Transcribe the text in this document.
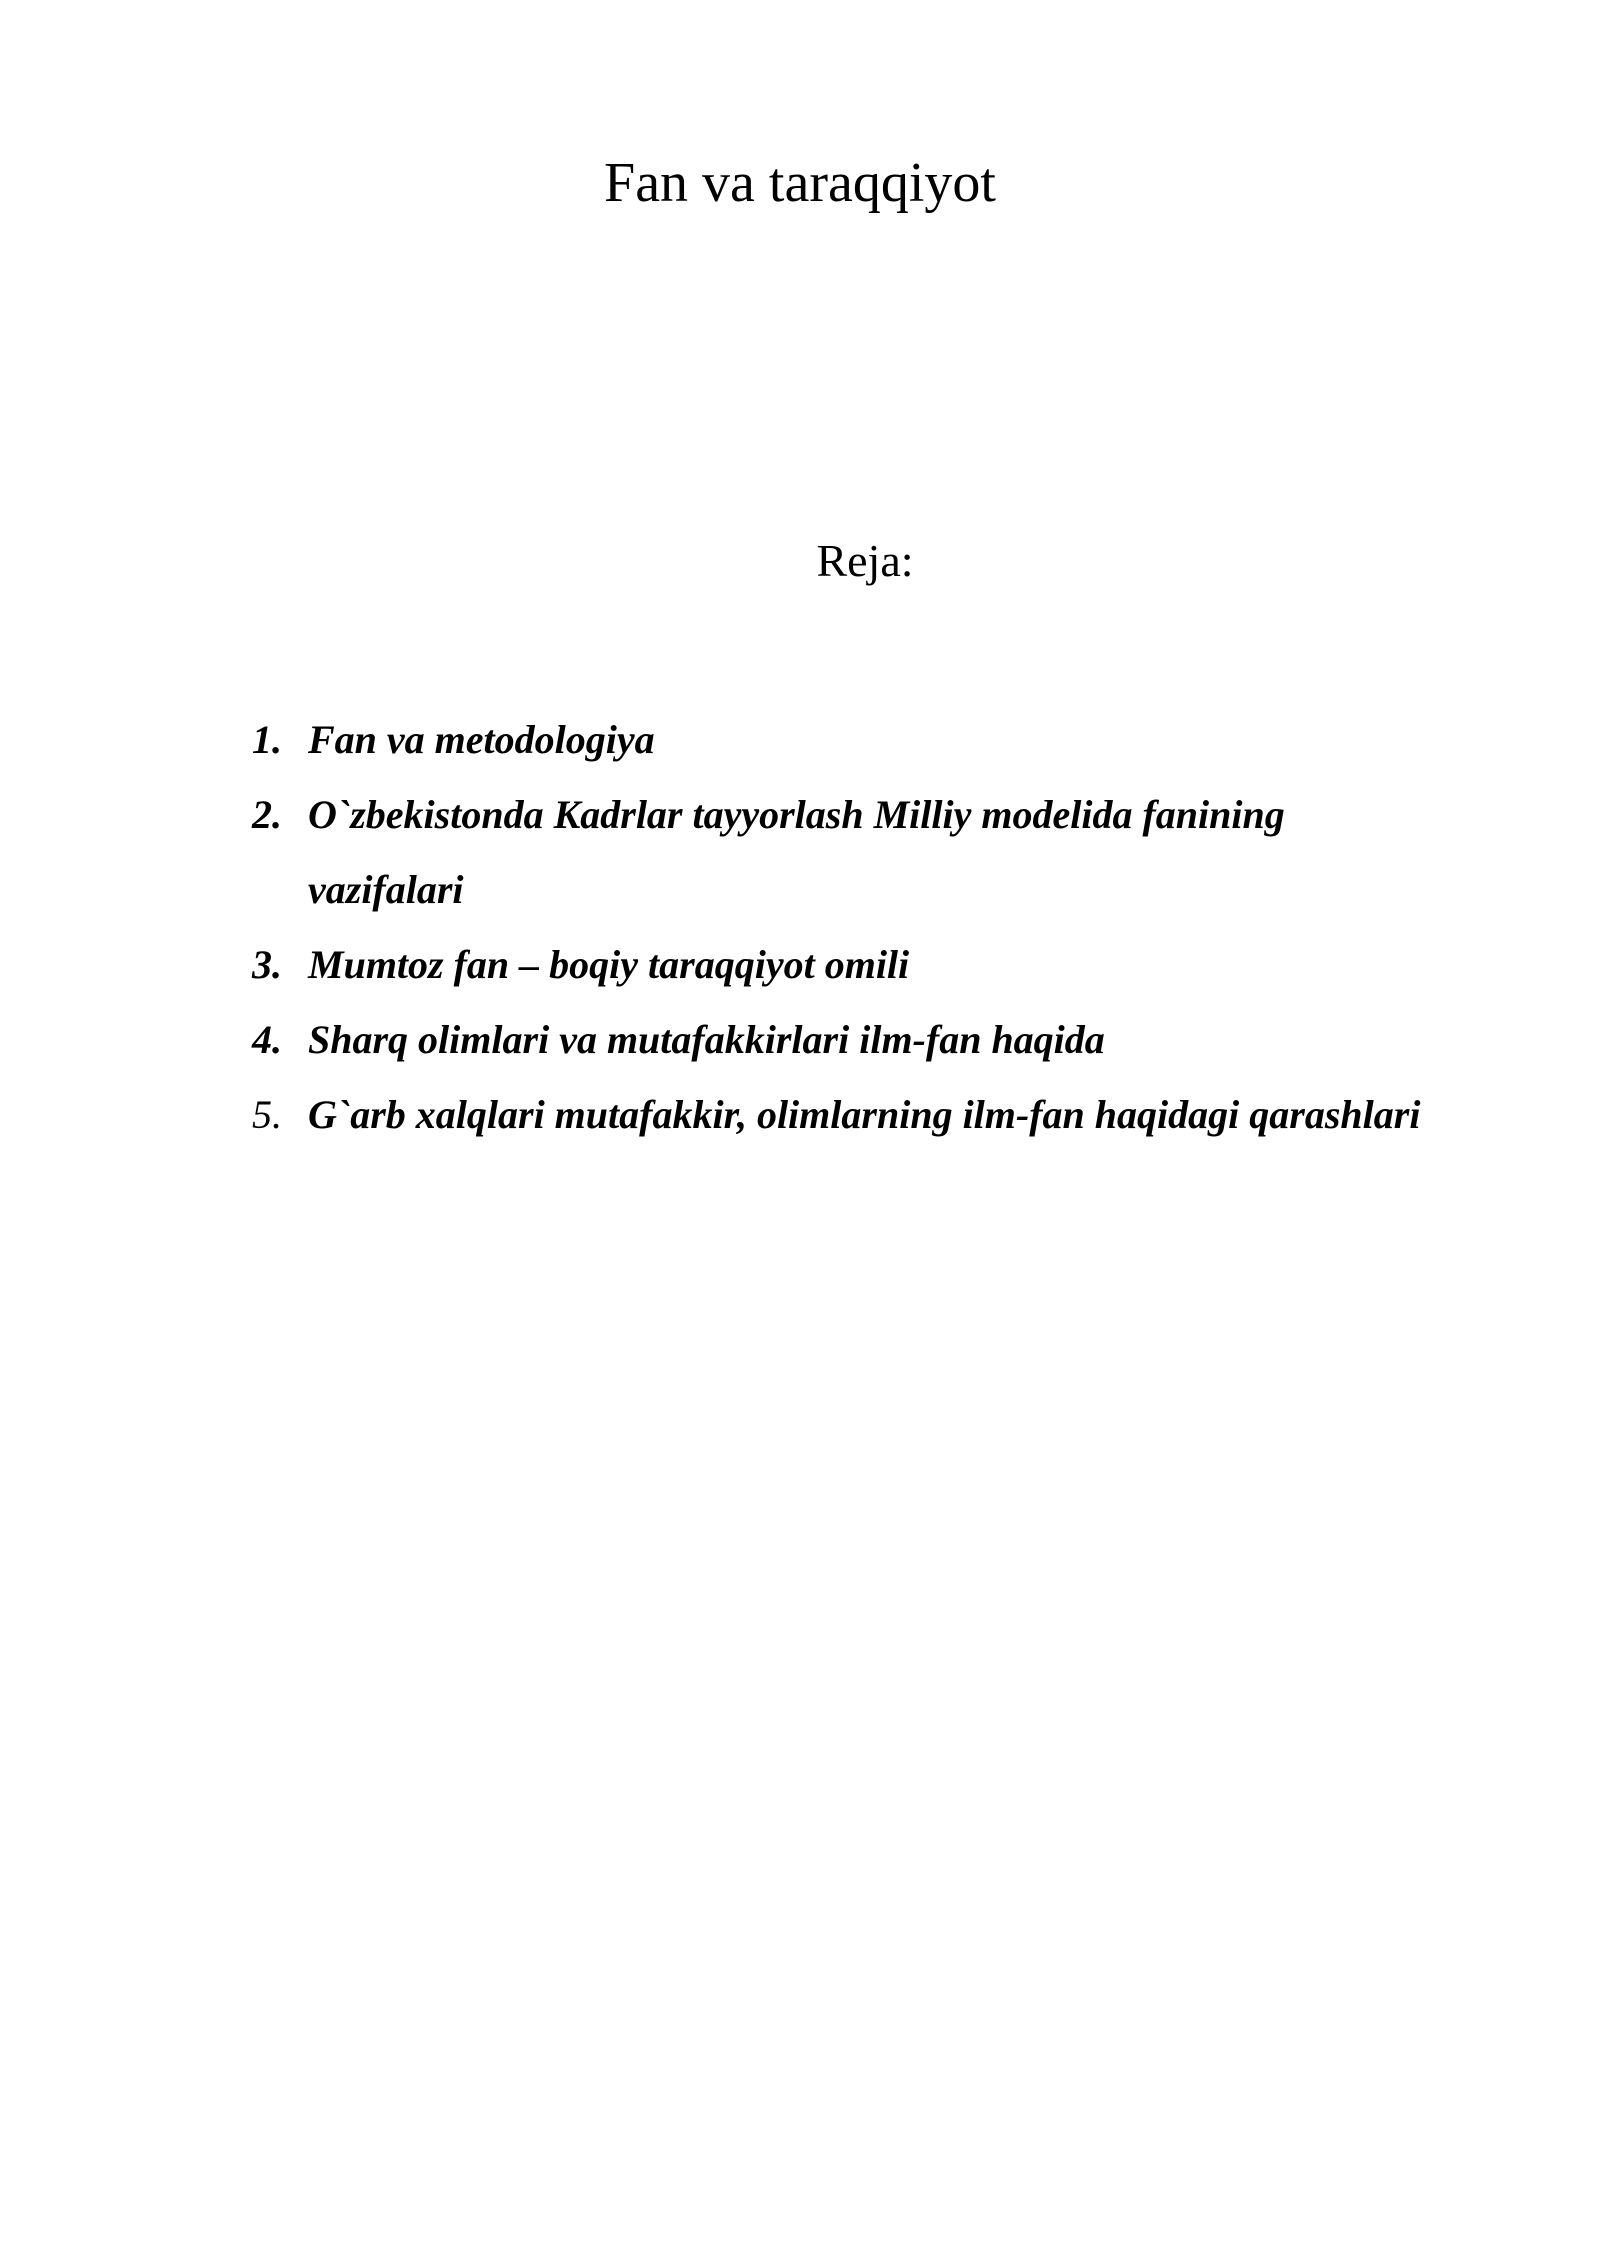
Fan va taraqqiyot

Reja:

1. Fan va metodologiya
2. O`zbekistonda Kadrlar tayyorlash Milliy modelida fanining vazifalari
3. Mumtoz fan – boqiy taraqqiyot omili
4. Sharq olimlari va mutafakkirlari ilm-fan haqida
5. G`arb xalqlari mutafakkir, olimlarning ilm-fan haqidagi qarashlari
